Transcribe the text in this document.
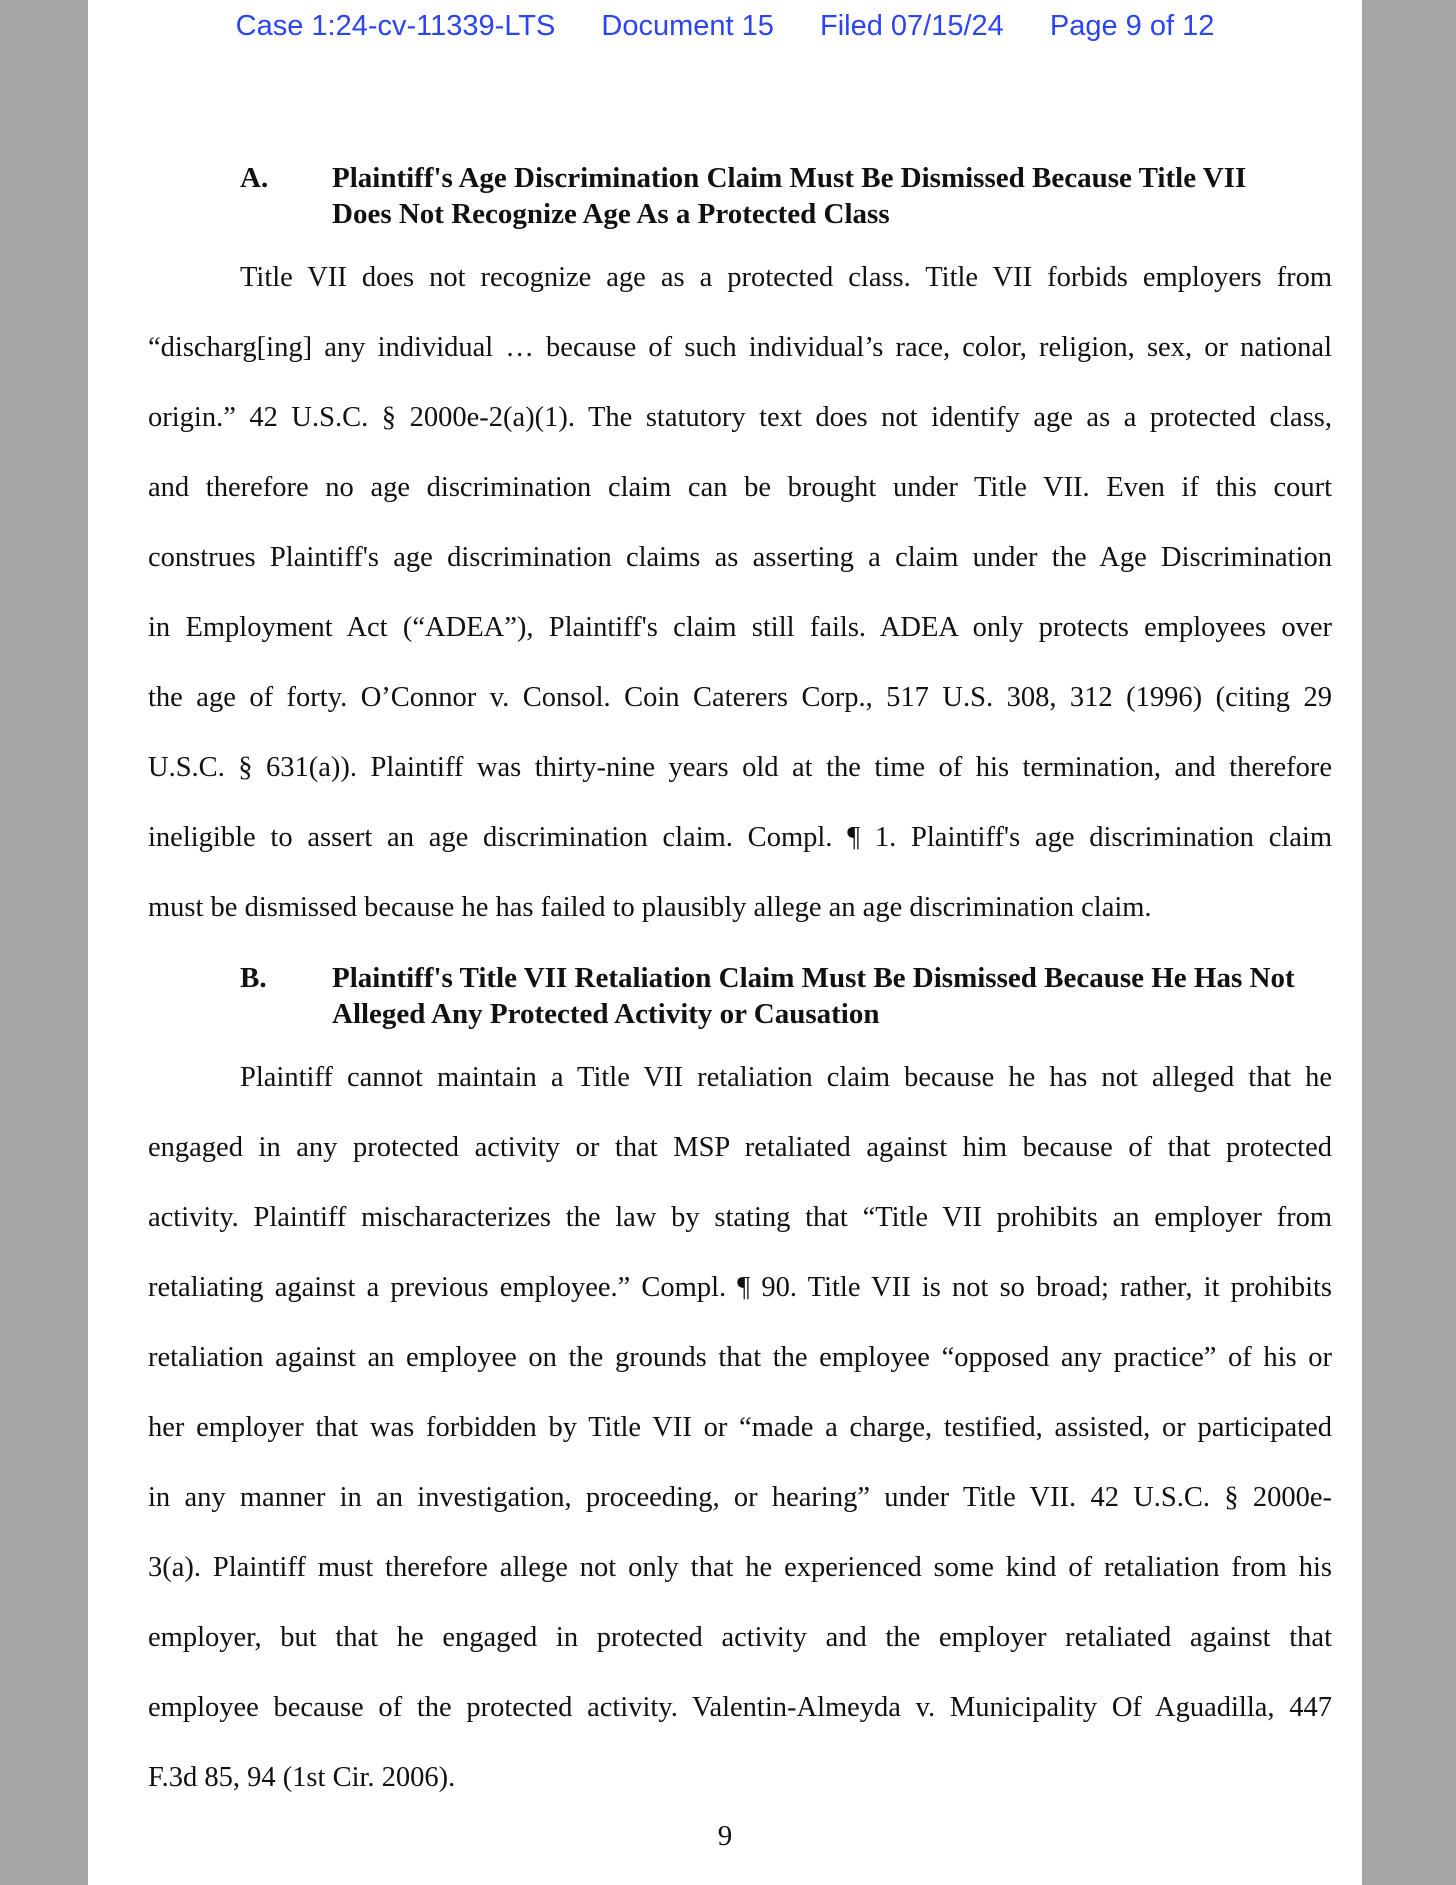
Case 1:24-cv-11339-LTS Document 15 Filed 07/15/24 Page 9 of 12
A. Plaintiff's Age Discrimination Claim Must Be Dismissed Because Title VII Does Not Recognize Age As a Protected Class
Title VII does not recognize age as a protected class. Title VII forbids employers from
“discharg[ing] any individual … because of such individual’s race, color, religion, sex, or national
origin.” 42 U.S.C. § 2000e-2(a)(1). The statutory text does not identify age as a protected class,
and therefore no age discrimination claim can be brought under Title VII. Even if this court
construes Plaintiff's age discrimination claims as asserting a claim under the Age Discrimination
in Employment Act (“ADEA”), Plaintiff's claim still fails. ADEA only protects employees over
the age of forty. O’Connor v. Consol. Coin Caterers Corp., 517 U.S. 308, 312 (1996) (citing 29
U.S.C. § 631(a)). Plaintiff was thirty-nine years old at the time of his termination, and therefore
ineligible to assert an age discrimination claim. Compl. ¶ 1. Plaintiff's age discrimination claim
must be dismissed because he has failed to plausibly allege an age discrimination claim.
B. Plaintiff's Title VII Retaliation Claim Must Be Dismissed Because He Has Not Alleged Any Protected Activity or Causation
Plaintiff cannot maintain a Title VII retaliation claim because he has not alleged that he
engaged in any protected activity or that MSP retaliated against him because of that protected
activity. Plaintiff mischaracterizes the law by stating that “Title VII prohibits an employer from
retaliating against a previous employee.” Compl. ¶ 90. Title VII is not so broad; rather, it prohibits
retaliation against an employee on the grounds that the employee “opposed any practice” of his or
her employer that was forbidden by Title VII or “made a charge, testified, assisted, or participated
in any manner in an investigation, proceeding, or hearing” under Title VII. 42 U.S.C. § 2000e-
3(a). Plaintiff must therefore allege not only that he experienced some kind of retaliation from his
employer, but that he engaged in protected activity and the employer retaliated against that
employee because of the protected activity. Valentin-Almeyda v. Municipality Of Aguadilla, 447
F.3d 85, 94 (1st Cir. 2006).
9
